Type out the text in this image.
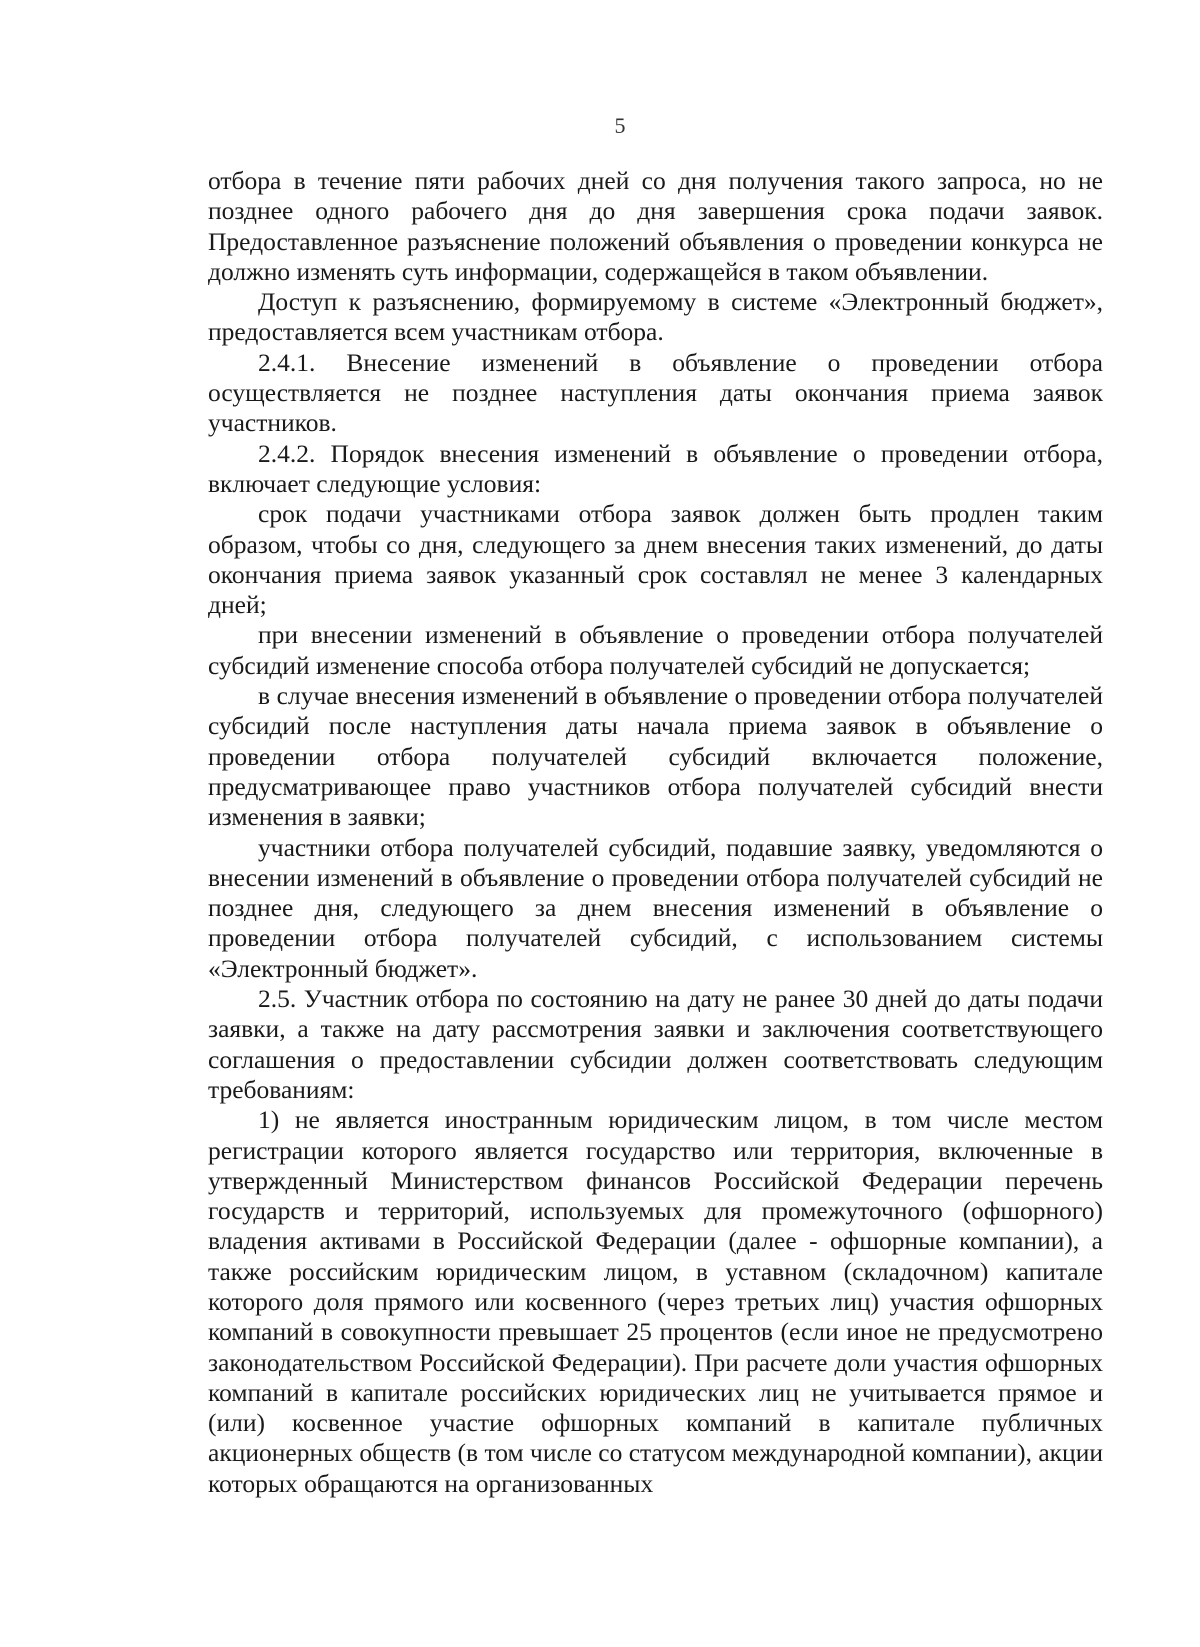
5

отбора в течение пяти рабочих дней со дня получения такого запроса, но не позднее одного рабочего дня до дня завершения срока подачи заявок. Предоставленное разъяснение положений объявления о проведении конкурса не должно изменять суть информации, содержащейся в таком объявлении.

Доступ к разъяснению, формируемому в системе «Электронный бюджет», предоставляется всем участникам отбора.

2.4.1. Внесение изменений в объявление о проведении отбора осуществляется не позднее наступления даты окончания приема заявок участников.

2.4.2. Порядок внесения изменений в объявление о проведении отбора, включает следующие условия:

срок подачи участниками отбора заявок должен быть продлен таким образом, чтобы со дня, следующего за днем внесения таких изменений, до даты окончания приема заявок указанный срок составлял не менее 3 календарных дней;

при внесении изменений в объявление о проведении отбора получателей субсидий изменение способа отбора получателей субсидий не допускается;

в случае внесения изменений в объявление о проведении отбора получателей субсидий после наступления даты начала приема заявок в объявление о проведении отбора получателей субсидий включается положение, предусматривающее право участников отбора получателей субсидий внести изменения в заявки;

участники отбора получателей субсидий, подавшие заявку, уведомляются о внесении изменений в объявление о проведении отбора получателей субсидий не позднее дня, следующего за днем внесения изменений в объявление о проведении отбора получателей субсидий, с использованием системы «Электронный бюджет».

2.5. Участник отбора по состоянию на дату не ранее 30 дней до даты подачи заявки, а также на дату рассмотрения заявки и заключения соответствующего соглашения о предоставлении субсидии должен соответствовать следующим требованиям:

1) не является иностранным юридическим лицом, в том числе местом регистрации которого является государство или территория, включенные в утвержденный Министерством финансов Российской Федерации перечень государств и территорий, используемых для промежуточного (офшорного) владения активами в Российской Федерации (далее - офшорные компании), а также российским юридическим лицом, в уставном (складочном) капитале которого доля прямого или косвенного (через третьих лиц) участия офшорных компаний в совокупности превышает 25 процентов (если иное не предусмотрено законодательством Российской Федерации). При расчете доли участия офшорных компаний в капитале российских юридических лиц не учитывается прямое и (или) косвенное участие офшорных компаний в капитале публичных акционерных обществ (в том числе со статусом международной компании), акции которых обращаются на организованных
